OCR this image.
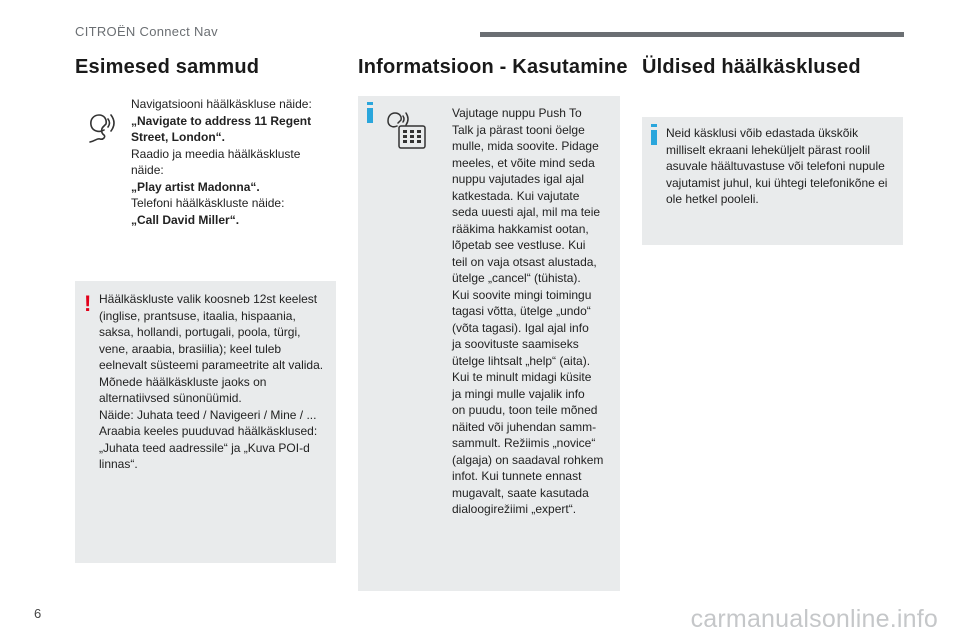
CITROËN Connect Nav
Esimesed sammud
Navigatsiooni häälkäskluse näide:
„Navigate to address 11 Regent
Street, London“.
Raadio ja meedia häälkäskluste
näide:
„Play artist Madonna“.
Telefoni häälkäskluste näide:
„Call David Miller“.
! Häälkäskluste valik koosneb 12st keelest
(inglise, prantsuse, itaalia, hispaania,
saksa, hollandi, portugali, poola, türgi,
vene, araabia, brasiilia); keel tuleb
eelnevalt süsteemi parameetrite alt valida.
Mõnede häälkäskluste jaoks on
alternatiivsed sünonüümid.
Näide: Juhata teed / Navigeeri / Mine / ...
Araabia keeles puuduvad häälkäsklused:
„Juhata teed aadressile“ ja „Kuva POI-d
linnas“.
Informatsioon - Kasutamine
Vajutage nuppu Push To
Talk ja pärast tooni öelge
mulle, mida soovite. Pidage
meeles, et võite mind seda
nuppu vajutades igal ajal
katkestada. Kui vajutate
seda uuesti ajal, mil ma teie
rääkima hakkamist ootan,
lõpetab see vestluse. Kui
teil on vaja otsast alustada,
ütelge „cancel“ (tühista).
Kui soovite mingi toimingu
tagasi võtta, ütelge „undo“
(võta tagasi). Igal ajal info
ja soovituste saamiseks
ütelge lihtsalt „help“ (aita).
Kui te minult midagi küsite
ja mingi mulle vajalik info
on puudu, toon teile mõned
näited või juhendan samm-
sammult. Režiimis „novice“
(algaja) on saadaval rohkem
infot. Kui tunnete ennast
mugavalt, saate kasutada
dialoogirežiimi „expert“.
Üldised häälkäsklused
Neid käsklusi võib edastada ükskõik
milliselt ekraani leheküljelt pärast roolil
asuvale häältuvastuse või telefoni nupule
vajutamist juhul, kui ühtegi telefonikõne ei
ole hetkel pooleli.
6	carmanualsonline.info
